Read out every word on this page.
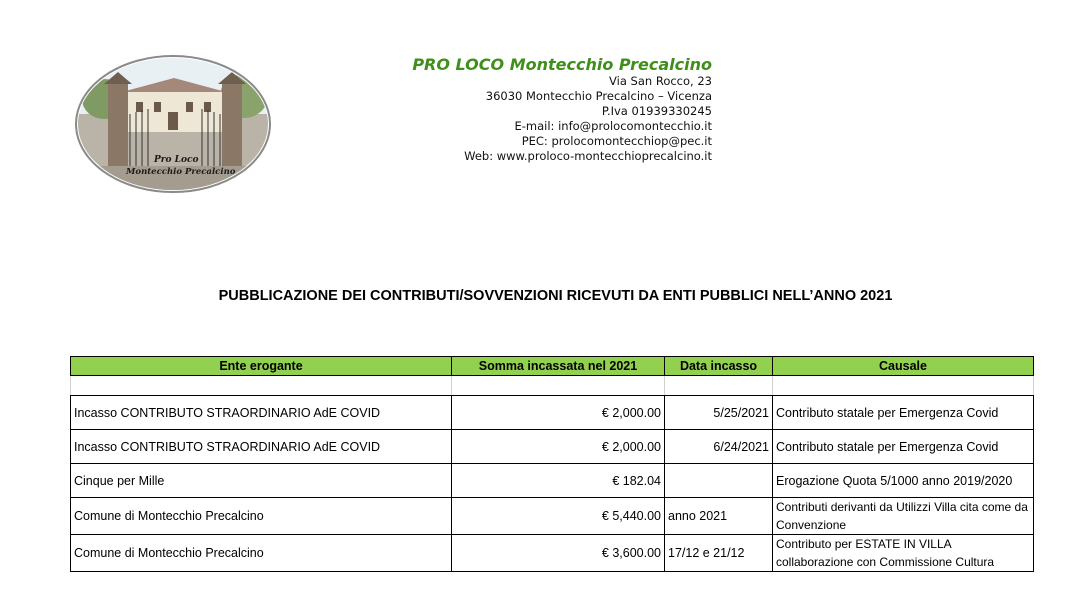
Pro Loco
Montecchio Precalcino
PRO LOCO Montecchio Precalcino
Via San Rocco, 23
36030 Montecchio Precalcino – Vicenza
P.Iva 01939330245
E-mail: info@prolocomontecchio.it
PEC: prolocomontecchiop@pec.it
Web: www.proloco-montecchioprecalcino.it
PUBBLICAZIONE DEI CONTRIBUTI/SOVVENZIONI RICEVUTI DA ENTI PUBBLICI NELL’ANNO 2021
Ente erogante	Somma incassata nel 2021	Data incasso	Causale

Incasso CONTRIBUTO STRAORDINARIO AdE COVID	€ 2,000.00	5/25/2021	Contributo statale per Emergenza Covid
Incasso CONTRIBUTO STRAORDINARIO AdE COVID	€ 2,000.00	6/24/2021	Contributo statale per Emergenza Covid
Cinque per Mille	€ 182.04		Erogazione Quota 5/1000 anno 2019/2020
Comune di Montecchio Precalcino	€ 5,440.00	anno 2021	Contributi derivanti da Utilizzi Villa cita come da Convenzione
Comune di Montecchio Precalcino	€ 3,600.00	17/12 e 21/12	Contributo per ESTATE IN VILLA collaborazione con Commissione Cultura
